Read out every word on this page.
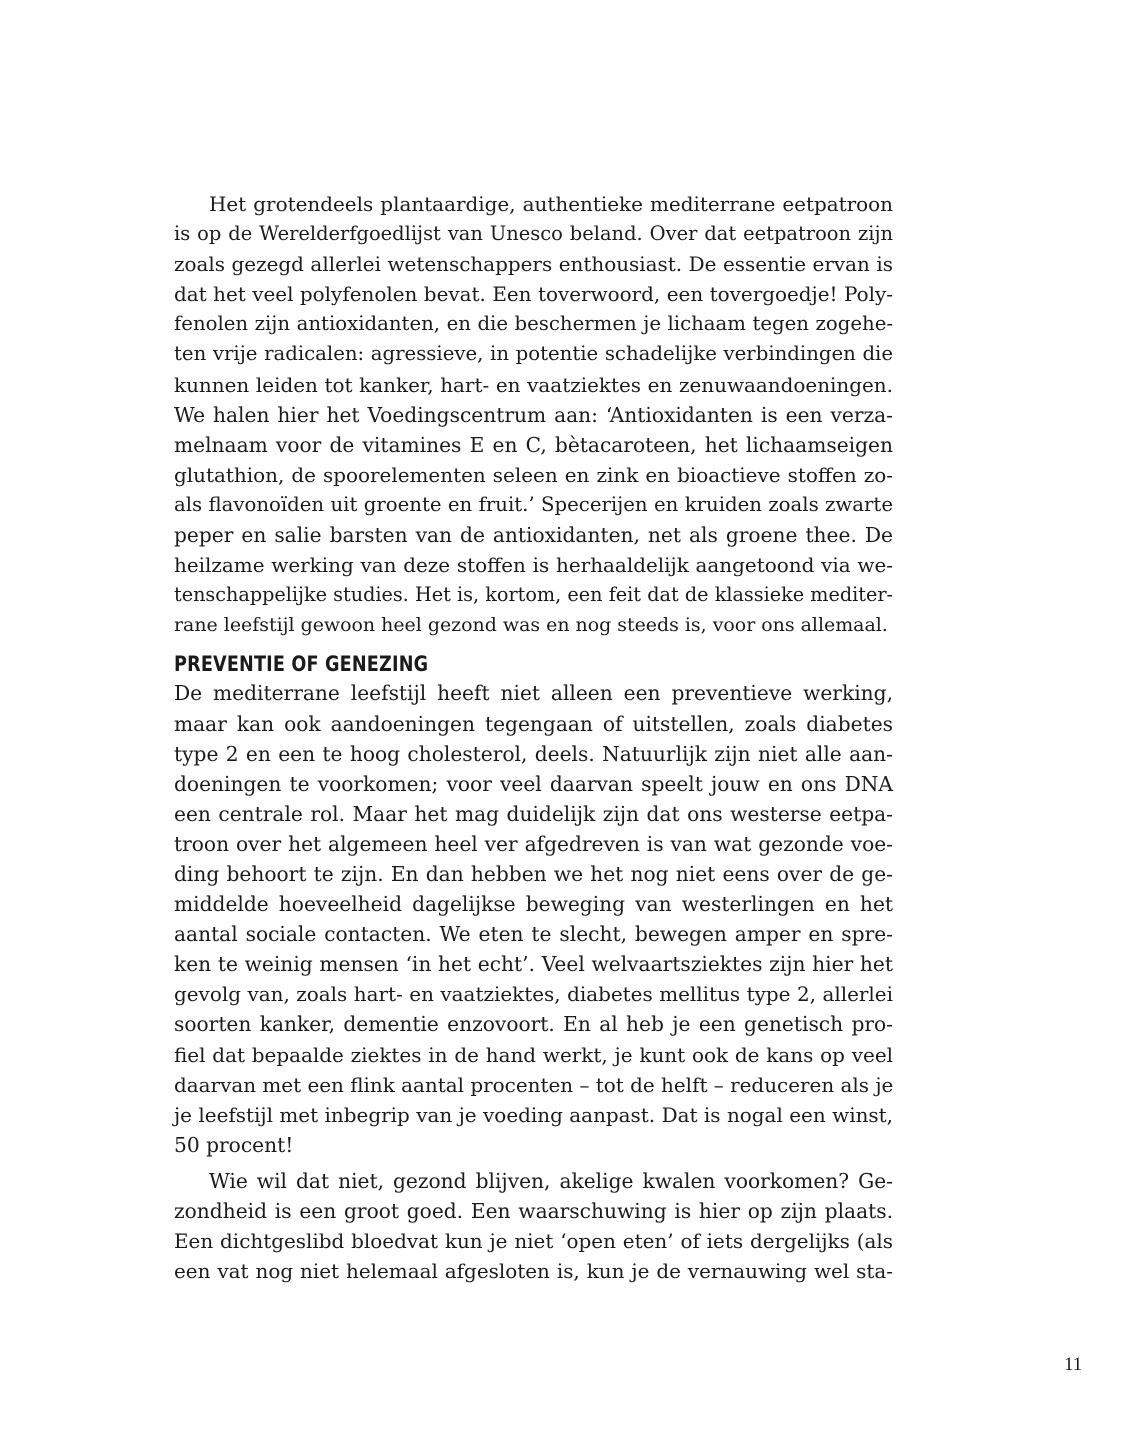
Het grotendeels plantaardige, authentieke mediterrane eetpatroon
is op de Werelderfgoedlijst van Unesco beland. Over dat eetpatroon zijn
zoals gezegd allerlei wetenschappers enthousiast. De essentie ervan is
dat het veel polyfenolen bevat. Een toverwoord, een tovergoedje! Poly-
fenolen zijn antioxidanten, en die beschermen je lichaam tegen zogehe-
ten vrije radicalen: agressieve, in potentie schadelijke verbindingen die
kunnen leiden tot kanker, hart- en vaatziektes en zenuwaandoeningen.
We halen hier het Voedingscentrum aan: ‘Antioxidanten is een verza-
melnaam voor de vitamines E en C, bètacaroteen, het lichaamseigen
glutathion, de spoorelementen seleen en zink en bioactieve stoffen zo-
als flavonoïden uit groente en fruit.’ Specerijen en kruiden zoals zwarte
peper en salie barsten van de antioxidanten, net als groene thee. De
heilzame werking van deze stoffen is herhaaldelijk aangetoond via we-
tenschappelijke studies. Het is, kortom, een feit dat de klassieke mediter-
rane leefstijl gewoon heel gezond was en nog steeds is, voor ons allemaal.
PREVENTIE OF GENEZING
De mediterrane leefstijl heeft niet alleen een preventieve werking,
maar kan ook aandoeningen tegengaan of uitstellen, zoals diabetes
type 2 en een te hoog cholesterol, deels. Natuurlijk zijn niet alle aan-
doeningen te voorkomen; voor veel daarvan speelt jouw en ons DNA
een centrale rol. Maar het mag duidelijk zijn dat ons westerse eetpa-
troon over het algemeen heel ver afgedreven is van wat gezonde voe-
ding behoort te zijn. En dan hebben we het nog niet eens over de ge-
middelde hoeveelheid dagelijkse beweging van westerlingen en het
aantal sociale contacten. We eten te slecht, bewegen amper en spre-
ken te weinig mensen ‘in het echt’. Veel welvaartsziektes zijn hier het
gevolg van, zoals hart- en vaatziektes, diabetes mellitus type 2, allerlei
soorten kanker, dementie enzovoort. En al heb je een genetisch pro-
fiel dat bepaalde ziektes in de hand werkt, je kunt ook de kans op veel
daarvan met een flink aantal procenten – tot de helft – reduceren als je
je leefstijl met inbegrip van je voeding aanpast. Dat is nogal een winst,
50 procent!
Wie wil dat niet, gezond blijven, akelige kwalen voorkomen? Ge-
zondheid is een groot goed. Een waarschuwing is hier op zijn plaats.
Een dichtgeslibd bloedvat kun je niet ‘open eten’ of iets dergelijks (als
een vat nog niet helemaal afgesloten is, kun je de vernauwing wel sta-
11
